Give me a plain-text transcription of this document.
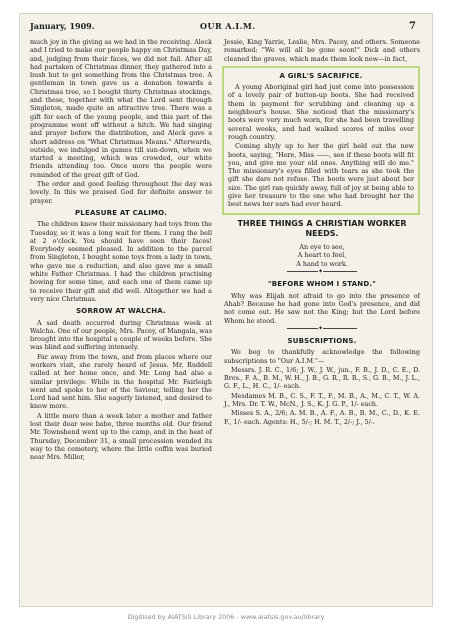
January, 1909.	OUR A.I.M.	7

much joy in the giving as we had in the receiving. Aleck and I tried to make our people happy on Christmas Day, and, judging from their faces, we did not fail. After all had partaken of Christmas dinner, they gathered into a bush hut to get something from the Christmas tree. A gentleman in town gave us a donation towards a Christmas tree, so I bought thirty Christmas stockings, and these, together with what the Lord sent through Singleton, made quite an attractive tree. There was a gift for each of the young people, and this part of the programme went off without a hitch. We had singing and prayer before the distribution, and Aleck gave a short address on "What Christmas Means." Afterwards, outside, we indulged in games till sun-down, when we started a meeting, which was crowded, our white friends attending too. Once more the people were reminded of the great gift of God.

The order and good feeling throughout the day was lovely. In this we praised God for definite answer to prayer.

PLEASURE AT CALIMO.

The children knew their missionary had toys from the Tuesday, so it was a long wait for them. I rang the bell at 2 o'clock. You should have seen their faces! Everybody seemed pleased. In addition to the parcel from Singleton, I bought some toys from a lady in town, who gave me a reduction, and also gave me a small white Father Christmas. I had the children practising bowing for some time, and each one of them came up to receive their gift and did well. Altogether we had a very nice Christmas.

SORROW AT WALCHA.

A sad death occurred during Christmas week at Walcha. One of our people, Mrs. Pacey, of Mangala, was brought into the hospital a couple of weeks before. She was blind and suffering intensely.

Far away from the town, and from places where our workers visit, she rarely heard of Jesus. Mr. Ruddell called at her home once, and Mr. Long had also a similar privilege. While in the hospital Mr. Fairleigh went and spoke to her of the Saviour, telling her the Lord had sent him. She eagerly listened, and desired to know more.

A little more than a week later a mother and father lost their dear wee babe, three months old. Our friend Mr. Townshend went up to the camp, and in the heat of Thursday, December 31, a small procession wended its way to the cemetery, where the little coffin was buried near Mrs. Miller,

Jessie, King Yarrie, Leslie, Mrs. Pacey, and others. Someone remarked: "We will all be gone soon!" Dick and others cleaned the graves, which made them look new—in fact,

A GIRL'S SACRIFICE.

A young Aboriginal girl had just come into possession of a lovely pair of button-up boots. She had received them in payment for scrubbing and cleaning up a neighbour's house. She noticed that the missionary's boots were very much worn, for she had been travelling several weeks, and had walked scores of miles over rough country.

Coming shyly up to her the girl held out the new boots, saying, "Here, Miss ——, see if these boots will fit you, and give me your old ones. Anything will do me." The missionary's eyes filled with tears as she took the gift she dare not refuse. The boots were just about her size. The girl ran quickly away, full of joy at being able to give her treasure to the one who had brought her the best news her ears had ever heard.

THREE THINGS A CHRISTIAN WORKER NEEDS.
An eye to see,
A heart to feel,
A hand to work.
✦
"BEFORE WHOM I STAND."

Why was Elijah not afraid to go into the presence of Ahab? Because he had gone into God's presence, and did not come out. He saw not the King; but the Lord before Whom he stood.

✦
SUBSCRIPTIONS.

We beg to thankfully acknowledge the following subscriptions to "Our A.I.M."—

Messrs. J. R. C., 1/6; J. W., J. W., jun., F. B., J. D., C. E., D. Bros., F. A., B. M., W. H., J. B., G. R., R. R., S., G. B., M., J. L., G. F., L., H. C., 1/- each.

Mesdames M. B., C. S., F. T., F., M. B., A., M., C. T., W. A. J., Mrs. Dr. T. W., McN., J. S., K. J. G. P., 1/- each.

Misses S. A., 2/6; A. M. B., A. F., A. B., B. M., C., D., K. E. F., 1/- each. Agents: H., 5/-; H. M. T., 2/-; J., 5/-.

Digitised by AIATSIS Library 2006 - www.aiatsis.gov.au/library
